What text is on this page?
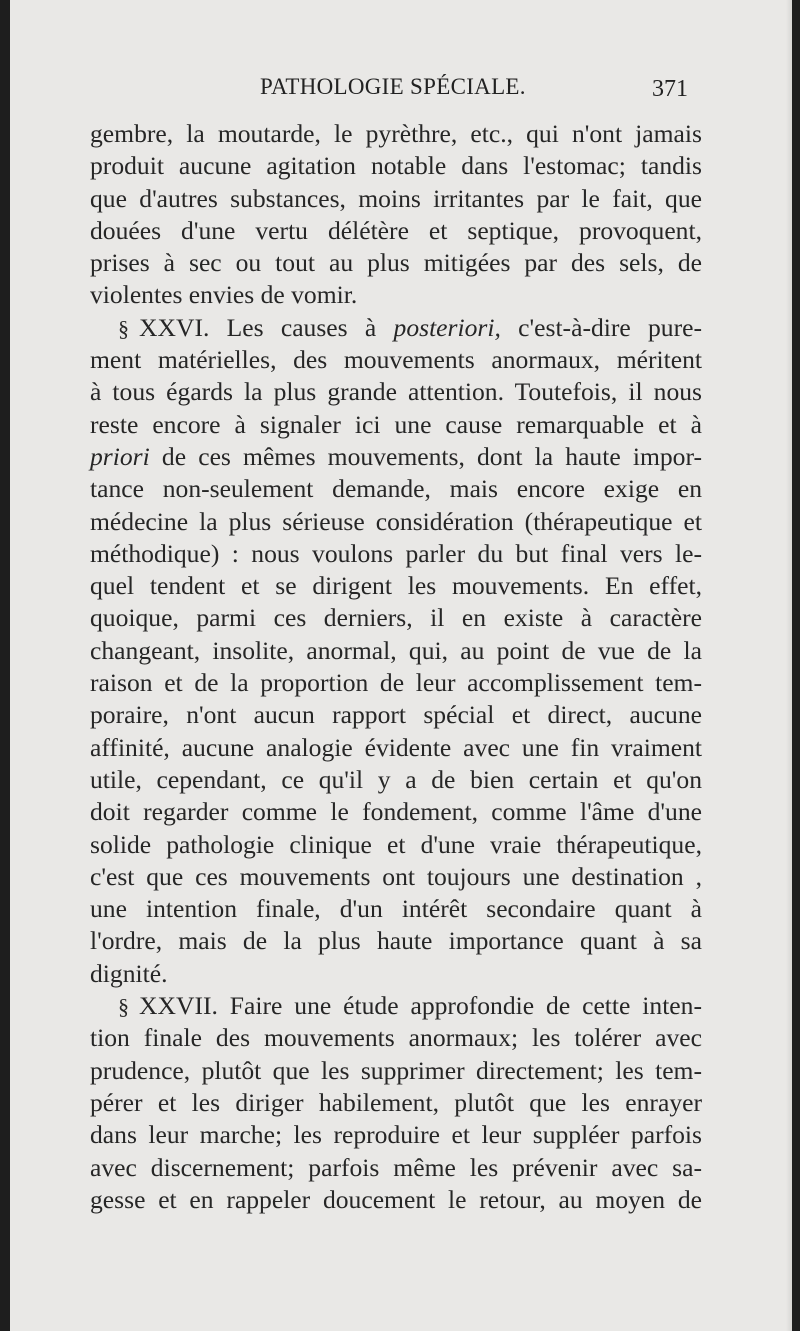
PATHOLOGIE SPÉCIALE.	371
gembre, la moutarde, le pyrèthre, etc., qui n'ont jamais
produit aucune agitation notable dans l'estomac; tandis
que d'autres substances, moins irritantes par le fait, que
douées d'une vertu délétère et septique, provoquent,
prises à sec ou tout au plus mitigées par des sels, de
violentes envies de vomir.
§ XXVI. Les causes à posteriori, c'est-à-dire pure-
ment matérielles, des mouvements anormaux, méritent
à tous égards la plus grande attention. Toutefois, il nous
reste encore à signaler ici une cause remarquable et à
priori de ces mêmes mouvements, dont la haute impor-
tance non-seulement demande, mais encore exige en
médecine la plus sérieuse considération (thérapeutique et
méthodique) : nous voulons parler du but final vers le-
quel tendent et se dirigent les mouvements. En effet,
quoique, parmi ces derniers, il en existe à caractère
changeant, insolite, anormal, qui, au point de vue de la
raison et de la proportion de leur accomplissement tem-
poraire, n'ont aucun rapport spécial et direct, aucune
affinité, aucune analogie évidente avec une fin vraiment
utile, cependant, ce qu'il y a de bien certain et qu'on
doit regarder comme le fondement, comme l'âme d'une
solide pathologie clinique et d'une vraie thérapeutique,
c'est que ces mouvements ont toujours une destination ,
une intention finale, d'un intérêt secondaire quant à
l'ordre, mais de la plus haute importance quant à sa
dignité.
§ XXVII. Faire une étude approfondie de cette inten-
tion finale des mouvements anormaux; les tolérer avec
prudence, plutôt que les supprimer directement; les tem-
pérer et les diriger habilement, plutôt que les enrayer
dans leur marche; les reproduire et leur suppléer parfois
avec discernement; parfois même les prévenir avec sa-
gesse et en rappeler doucement le retour, au moyen de
